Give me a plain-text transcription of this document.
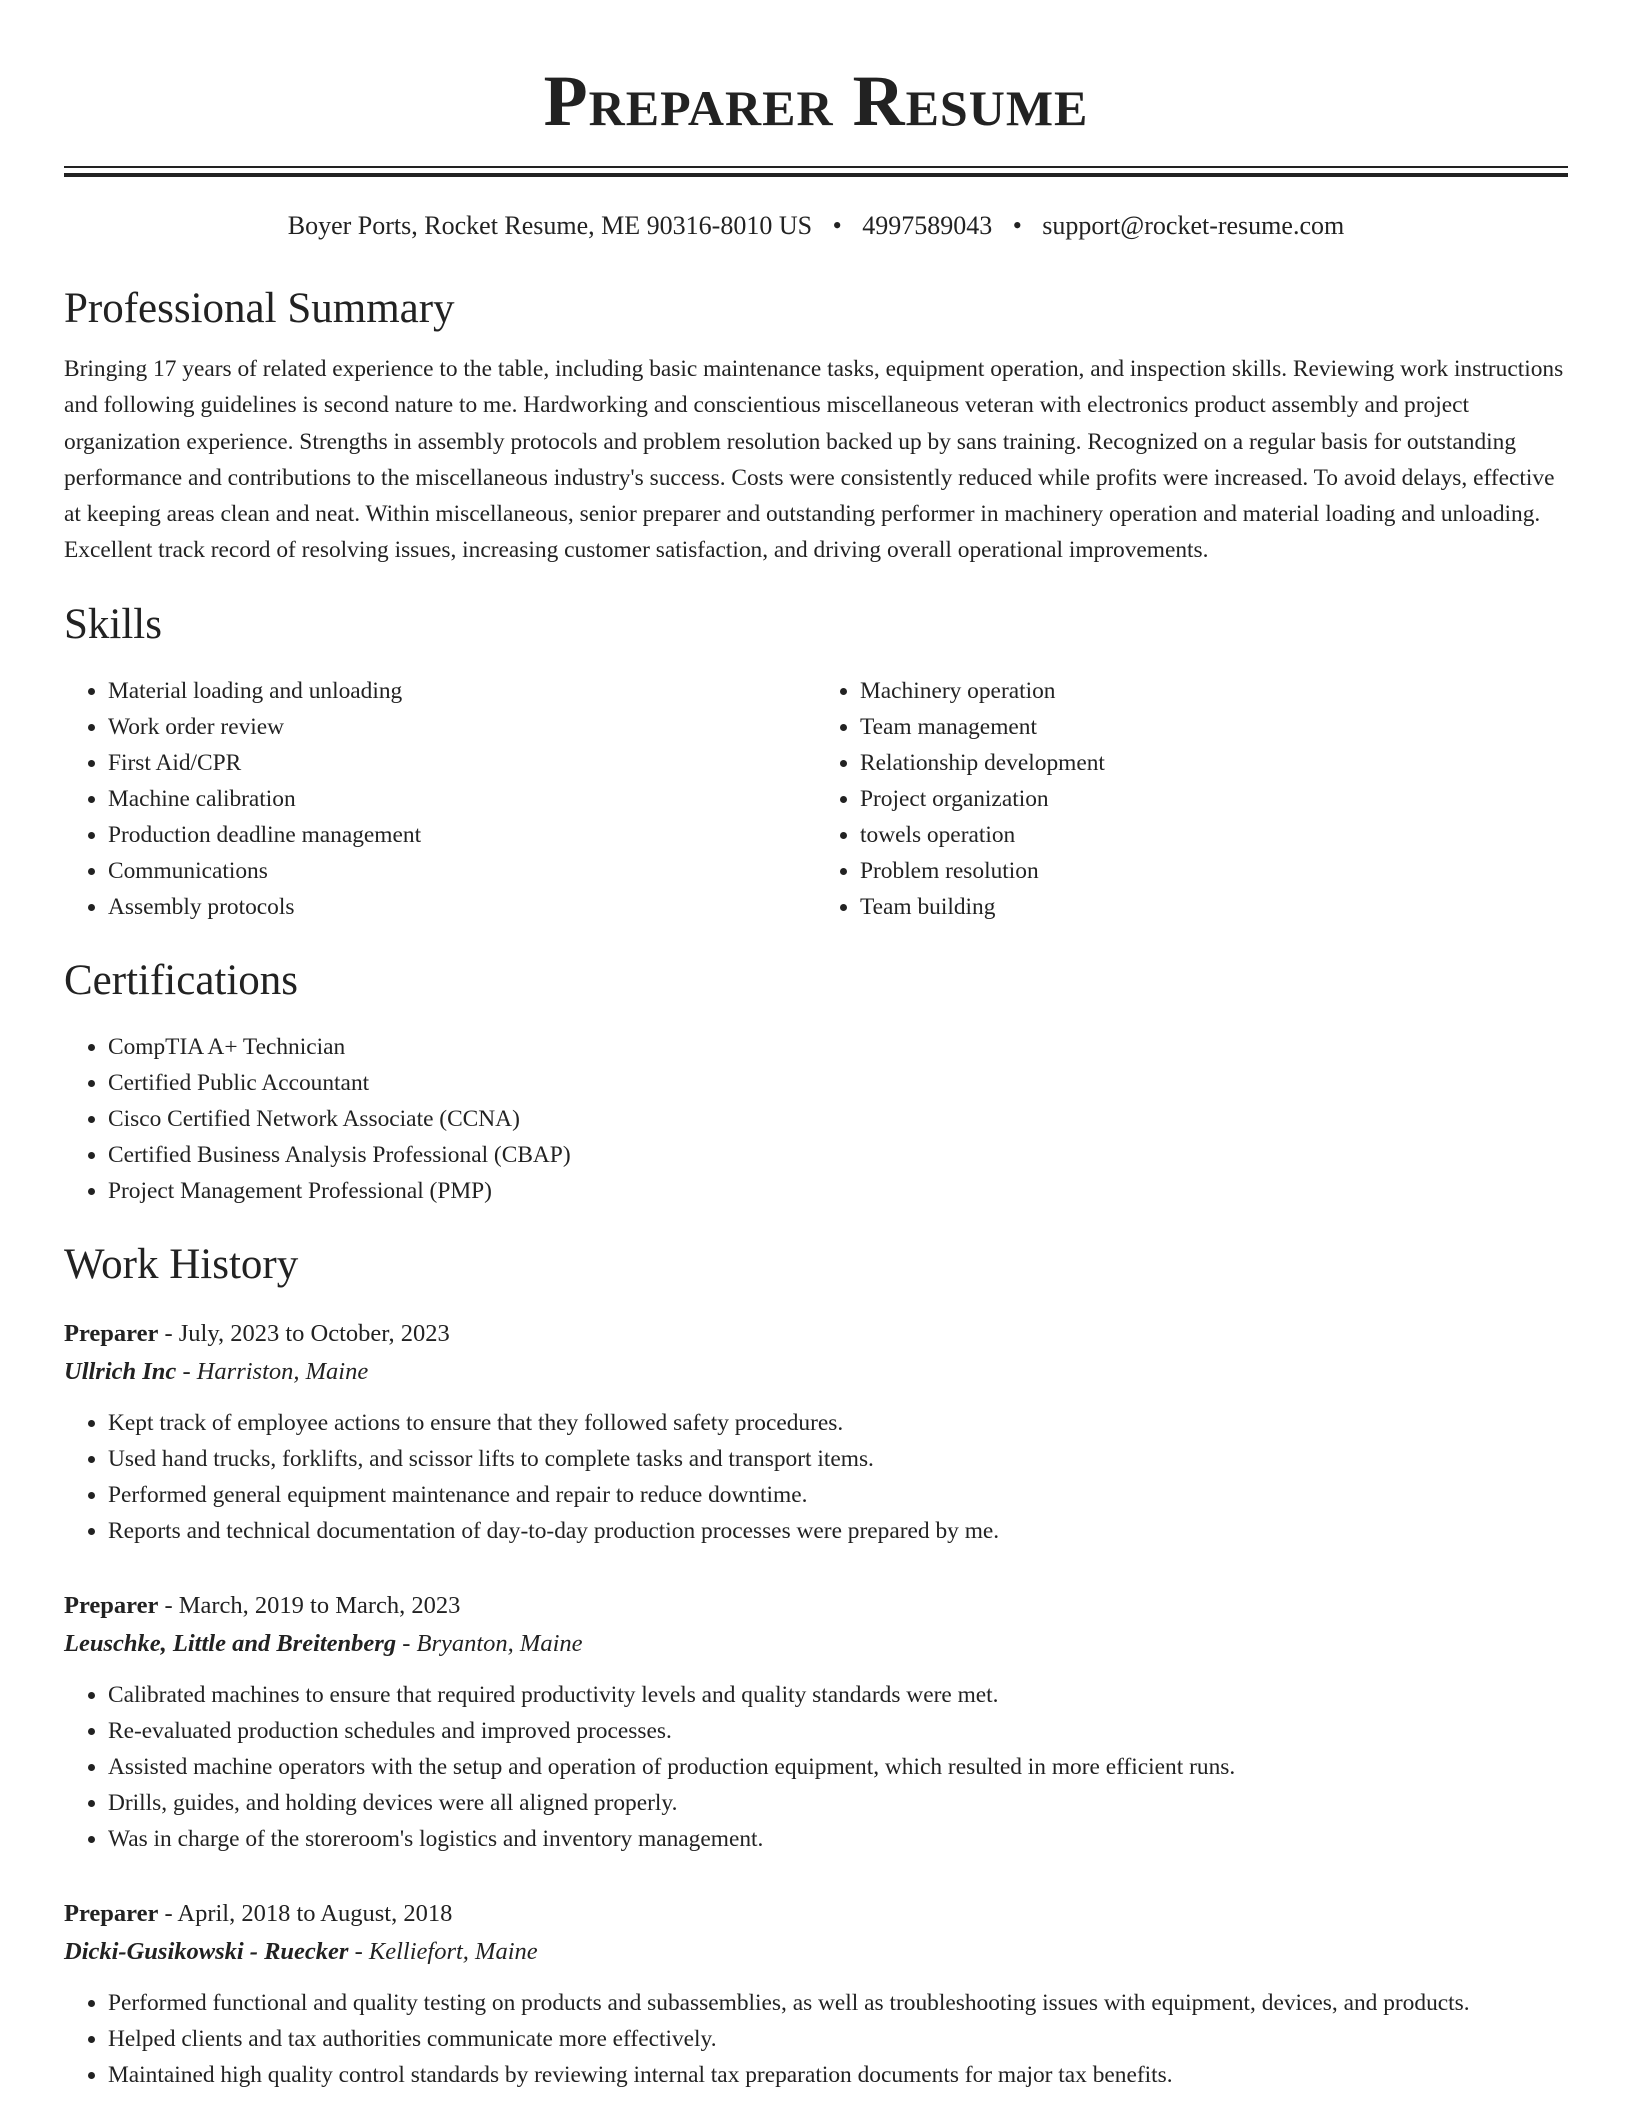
Preparer Resume
Boyer Ports, Rocket Resume, ME 90316-8010 US • 4997589043 • support@rocket-resume.com
Professional Summary

Bringing 17 years of related experience to the table, including basic maintenance tasks, equipment operation, and inspection skills. Reviewing work instructions and following guidelines is second nature to me. Hardworking and conscientious miscellaneous veteran with electronics product assembly and project organization experience. Strengths in assembly protocols and problem resolution backed up by sans training. Recognized on a regular basis for outstanding performance and contributions to the miscellaneous industry's success. Costs were consistently reduced while profits were increased. To avoid delays, effective at keeping areas clean and neat. Within miscellaneous, senior preparer and outstanding performer in machinery operation and material loading and unloading. Excellent track record of resolving issues, increasing customer satisfaction, and driving overall operational improvements.

Skills
• Material loading and unloading
• Work order review
• First Aid/CPR
• Machine calibration
• Production deadline management
• Communications
• Assembly protocols
• Machinery operation
• Team management
• Relationship development
• Project organization
• towels operation
• Problem resolution
• Team building
Certifications
• CompTIA A+ Technician
• Certified Public Accountant
• Cisco Certified Network Associate (CCNA)
• Certified Business Analysis Professional (CBAP)
• Project Management Professional (PMP)
Work History
Preparer - July, 2023 to October, 2023
Ullrich Inc - Harriston, Maine
• Kept track of employee actions to ensure that they followed safety procedures.
• Used hand trucks, forklifts, and scissor lifts to complete tasks and transport items.
• Performed general equipment maintenance and repair to reduce downtime.
• Reports and technical documentation of day-to-day production processes were prepared by me.
Preparer - March, 2019 to March, 2023
Leuschke, Little and Breitenberg - Bryanton, Maine
• Calibrated machines to ensure that required productivity levels and quality standards were met.
• Re-evaluated production schedules and improved processes.
• Assisted machine operators with the setup and operation of production equipment, which resulted in more efficient runs.
• Drills, guides, and holding devices were all aligned properly.
• Was in charge of the storeroom's logistics and inventory management.
Preparer - April, 2018 to August, 2018
Dicki-Gusikowski - Ruecker - Kelliefort, Maine
• Performed functional and quality testing on products and subassemblies, as well as troubleshooting issues with equipment, devices, and products.
• Helped clients and tax authorities communicate more effectively.
• Maintained high quality control standards by reviewing internal tax preparation documents for major tax benefits.
